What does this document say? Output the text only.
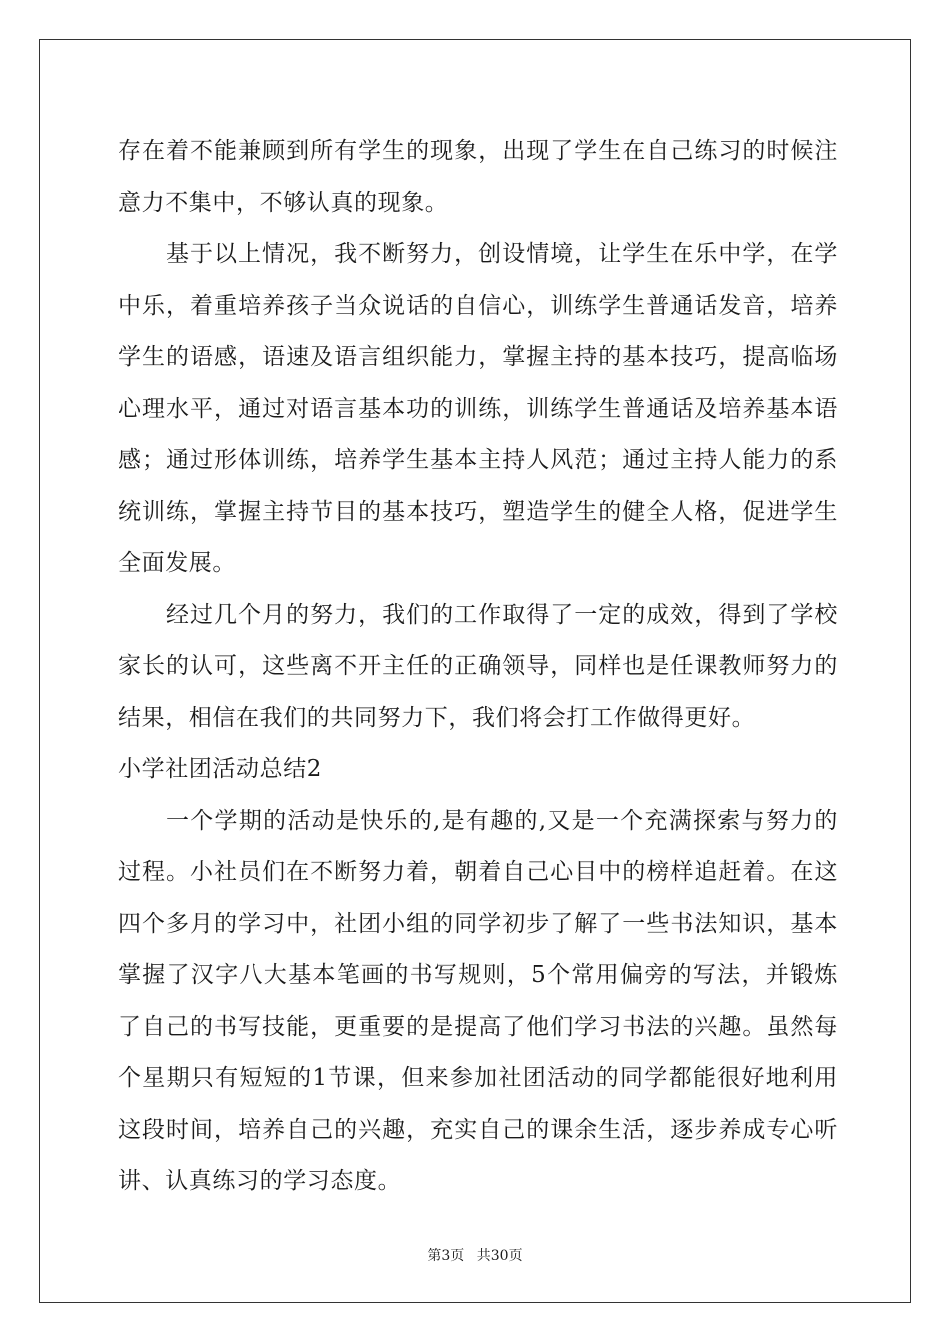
存在着不能兼顾到所有学生的现象，出现了学生在自己练习的时候注意力不集中，不够认真的现象。

基于以上情况，我不断努力，创设情境，让学生在乐中学，在学中乐，着重培养孩子当众说话的自信心，训练学生普通话发音，培养学生的语感，语速及语言组织能力，掌握主持的基本技巧，提高临场心理水平，通过对语言基本功的训练，训练学生普通话及培养基本语感；通过形体训练，培养学生基本主持人风范；通过主持人能力的系统训练，掌握主持节目的基本技巧，塑造学生的健全人格，促进学生全面发展。

经过几个月的努力，我们的工作取得了一定的成效，得到了学校家长的认可，这些离不开主任的正确领导，同样也是任课教师努力的结果，相信在我们的共同努力下，我们将会打工作做得更好。

小学社团活动总结2

一个学期的活动是快乐的,是有趣的,又是一个充满探索与努力的过程。小社员们在不断努力着，朝着自己心目中的榜样追赶着。在这四个多月的学习中，社团小组的同学初步了解了一些书法知识，基本掌握了汉字八大基本笔画的书写规则，5个常用偏旁的写法，并锻炼了自己的书写技能，更重要的是提高了他们学习书法的兴趣。虽然每个星期只有短短的1节课，但来参加社团活动的同学都能很好地利用这段时间，培养自己的兴趣，充实自己的课余生活，逐步养成专心听讲、认真练习的学习态度。

第3页 共30页
